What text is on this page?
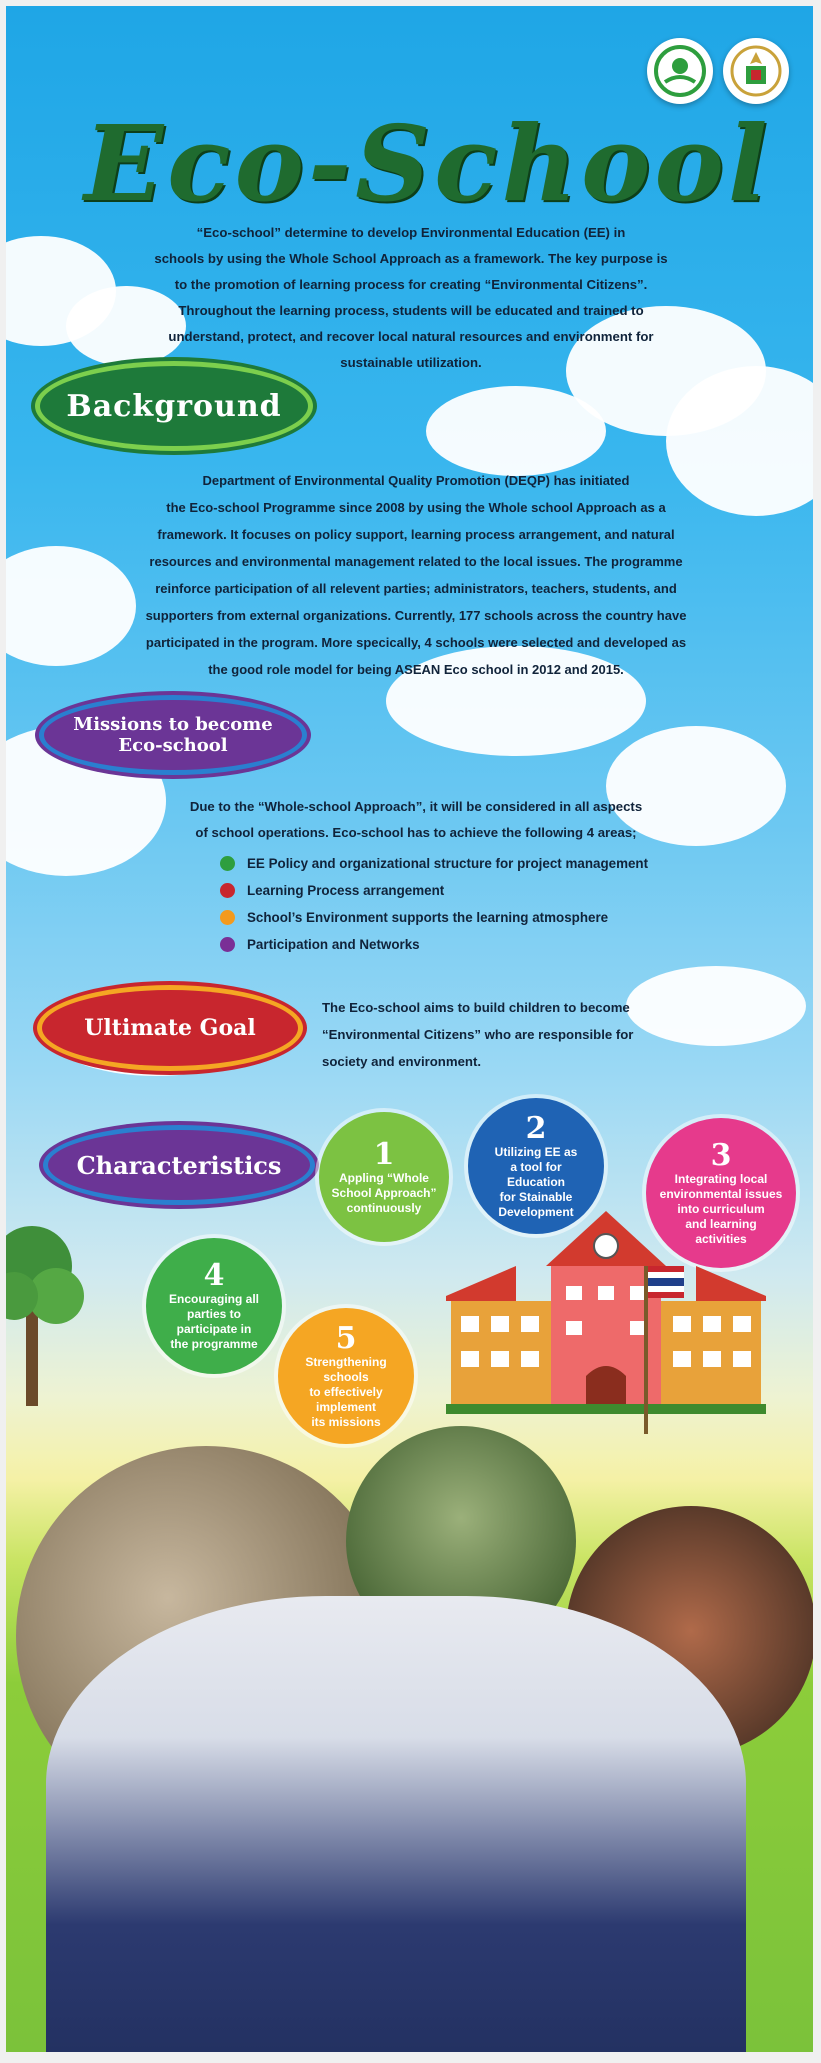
Eco-School
“Eco-school” determine to develop Environmental Education (EE) in
schools by using the Whole School Approach as a framework. The key purpose is
to the promotion of learning process for creating “Environmental Citizens”.
Throughout the learning process, students will be educated and trained to
understand, protect, and recover local natural resources and environment for
sustainable utilization.
Background
Department of Environmental Quality Promotion (DEQP) has initiated
the Eco-school Programme since 2008 by using the Whole school Approach as a
framework. It focuses on policy support, learning process arrangement, and natural
resources and environmental management related to the local issues. The programme
reinforce participation of all relevent parties; administrators, teachers, students, and
supporters from external organizations. Currently, 177 schools across the country have
participated in the program. More specically, 4 schools were selected and developed as
the good role model for being ASEAN Eco school in 2012 and 2015.
Missions to become
Eco-school
Due to the “Whole-school Approach”, it will be considered in all aspects
of school operations. Eco-school has to achieve the following 4 areas;
EE Policy and organizational structure for project management
Learning Process arrangement
School’s Environment supports the learning atmosphere
Participation and Networks
Ultimate Goal
The Eco-school aims to build children to become
“Environmental Citizens” who are responsible for
society and environment.
Characteristics	1
Appling “Whole
School Approach”
continuously
2
Utilizing EE as
a tool for Education
for Stainable
Development
3
Integrating local
environmental issues
into curriculum
and learning activities
4
Encouraging all
parties to
participate in
the programme	5
Strengthening schools
to effectively
implement
its missions
